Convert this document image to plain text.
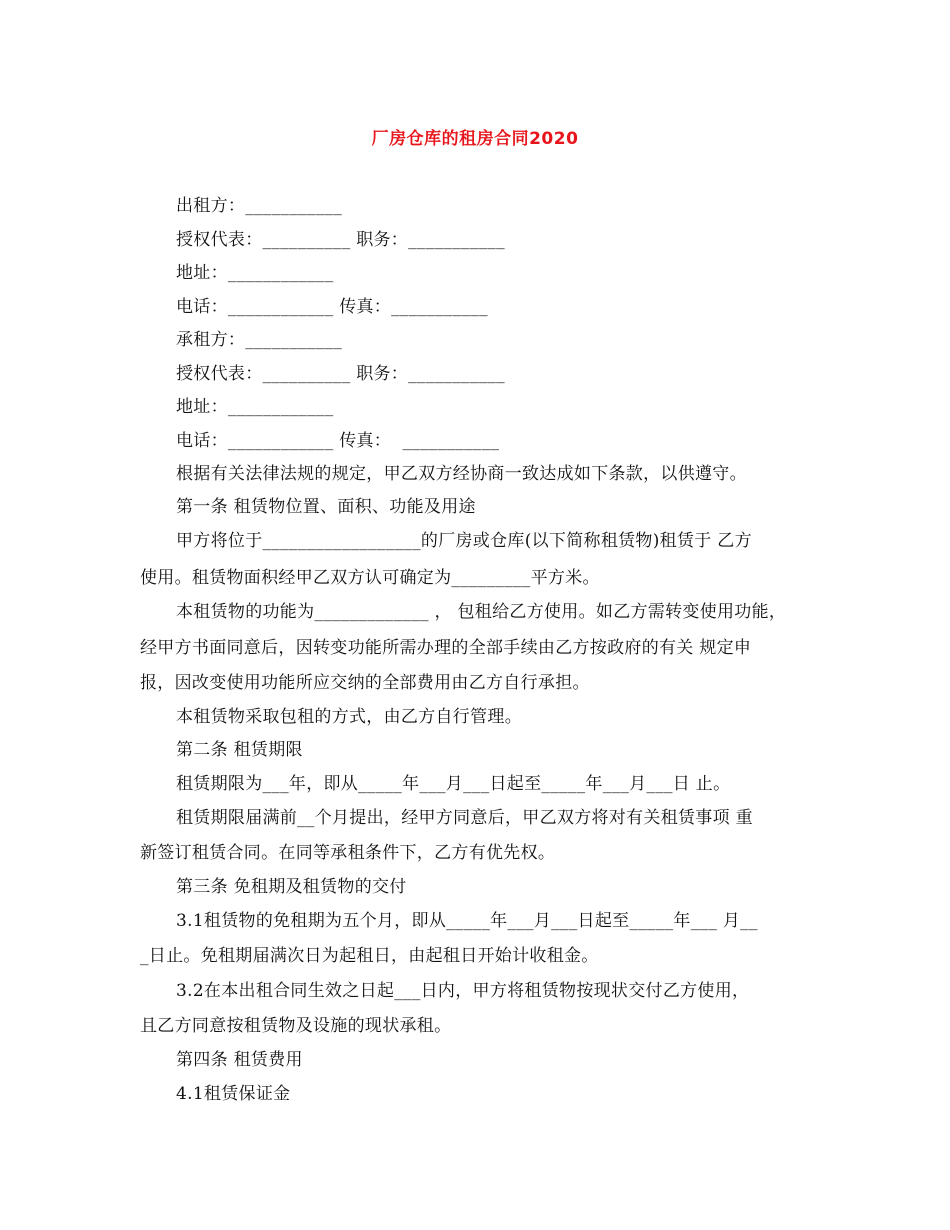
厂房仓库的租房合同2020
出租方：___________
授权代表：__________ 职务：___________
地址：____________
电话：____________ 传真：___________
承租方：___________
授权代表：__________ 职务：___________
地址：____________
电话：____________ 传真：  ___________
根据有关法律法规的规定，甲乙双方经协商一致达成如下条款，以供遵守。
第一条 租赁物位置、面积、功能及用途
甲方将位于__________________的厂房或仓库(以下简称租赁物)租赁于 乙方
使用。租赁物面积经甲乙双方认可确定为_________平方米。
本租赁物的功能为_____________ ， 包租给乙方使用。如乙方需转变使用功能，
经甲方书面同意后，因转变功能所需办理的全部手续由乙方按政府的有关 规定申
报，因改变使用功能所应交纳的全部费用由乙方自行承担。
本租赁物采取包租的方式，由乙方自行管理。
第二条 租赁期限
租赁期限为___年，即从_____年___月___日起至_____年___月___日 止。
租赁期限届满前__个月提出，经甲方同意后，甲乙双方将对有关租赁事项 重
新签订租赁合同。在同等承租条件下，乙方有优先权。
第三条 免租期及租赁物的交付
3.1租赁物的免租期为五个月，即从_____年___月___日起至_____年___ 月__
_日止。免租期届满次日为起租日，由起租日开始计收租金。
3.2在本出租合同生效之日起___日内，甲方将租赁物按现状交付乙方使用，
且乙方同意按租赁物及设施的现状承租。
第四条 租赁费用
4.1租赁保证金
